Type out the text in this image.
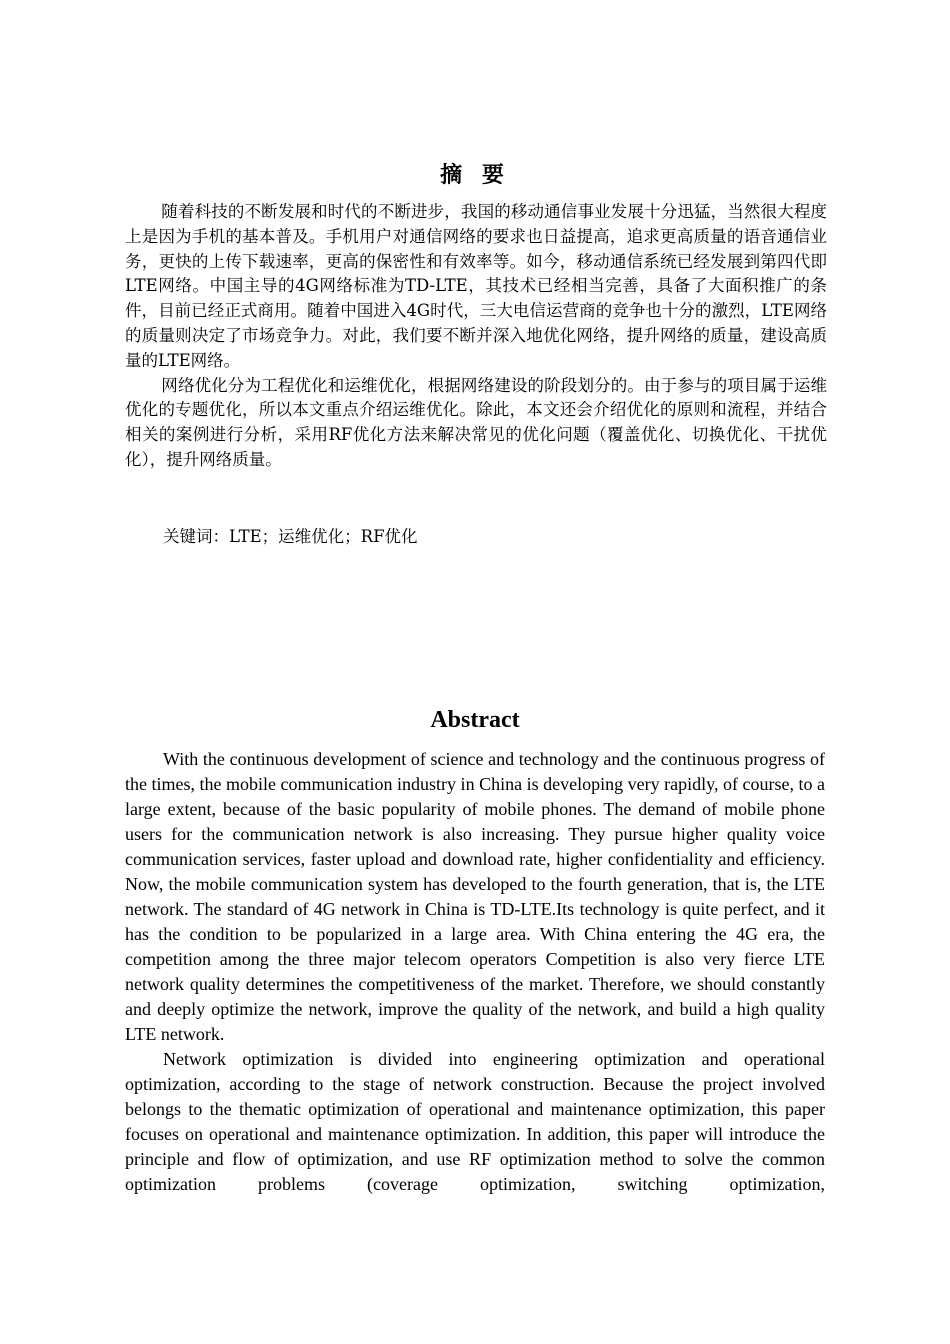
摘 要

随着科技的不断发展和时代的不断进步，我国的移动通信事业发展十分迅猛，当然很大程度上是因为手机的基本普及。手机用户对通信网络的要求也日益提高，追求更高质量的语音通信业务，更快的上传下载速率，更高的保密性和有效率等。如今，移动通信系统已经发展到第四代即LTE网络。中国主导的4G网络标准为TD-LTE，其技术已经相当完善，具备了大面积推广的条件，目前已经正式商用。随着中国进入4G时代，三大电信运营商的竞争也十分的激烈，LTE网络的质量则决定了市场竞争力。对此，我们要不断并深入地优化网络，提升网络的质量，建设高质量的LTE网络。

网络优化分为工程优化和运维优化，根据网络建设的阶段划分的。由于参与的项目属于运维优化的专题优化，所以本文重点介绍运维优化。除此，本文还会介绍优化的原则和流程，并结合相关的案例进行分析，采用RF优化方法来解决常见的优化问题（覆盖优化、切换优化、干扰优化），提升网络质量。

关键词：LTE；运维优化；RF优化
Abstract

With the continuous development of science and technology and the continuous progress of the times, the mobile communication industry in China is developing very rapidly, of course, to a large extent, because of the basic popularity of mobile phones. The demand of mobile phone users for the communication network is also increasing. They pursue higher quality voice communication services, faster upload and download rate, higher confidentiality and efficiency. Now, the mobile communication system has developed to the fourth generation, that is, the LTE network. The standard of 4G network in China is TD-LTE.Its technology is quite perfect, and it has the condition to be popularized in a large area. With China entering the 4G era, the competition among the three major telecom operators Competition is also very fierce LTE network quality determines the competitiveness of the market. Therefore, we should constantly and deeply optimize the network, improve the quality of the network, and build a high quality LTE network.

Network optimization is divided into engineering optimization and operational optimization, according to the stage of network construction. Because the project involved belongs to the thematic optimization of operational and maintenance optimization, this paper focuses on operational and maintenance optimization. In addition, this paper will introduce the principle and flow of optimization, and use RF optimization method to solve the common optimization problems (coverage optimization, switching optimization,
